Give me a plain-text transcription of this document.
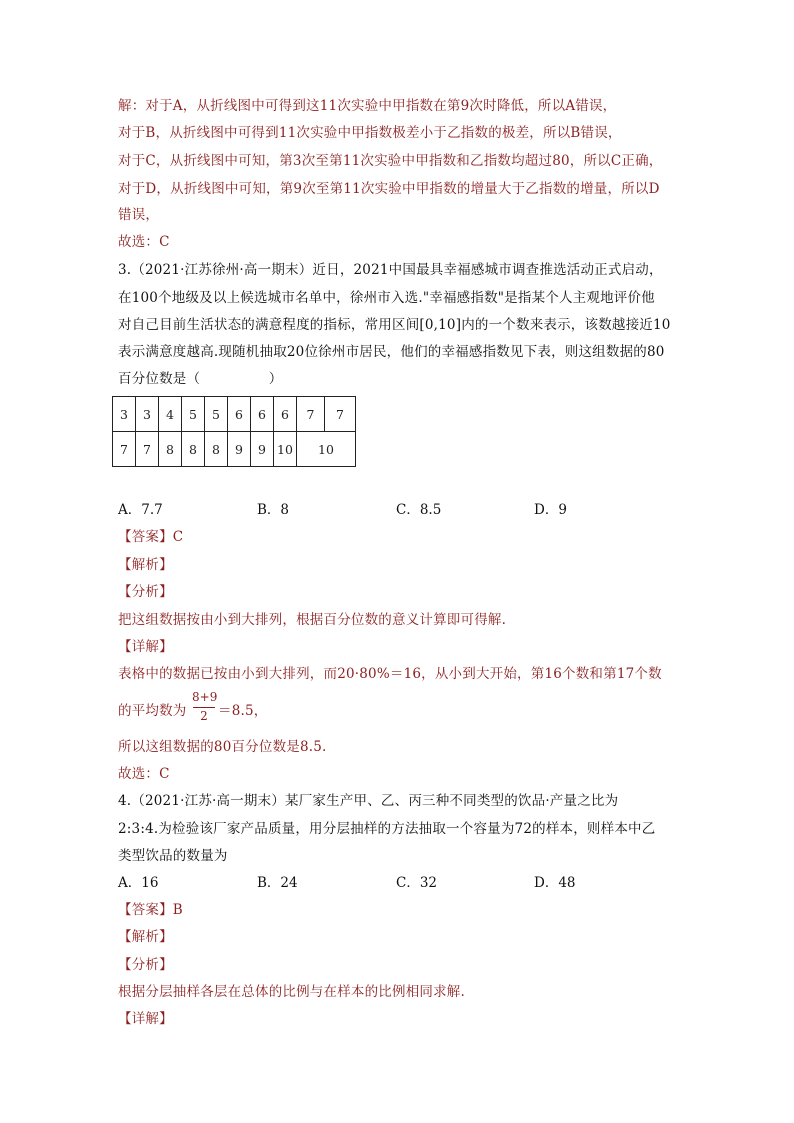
解：对于A，从折线图中可得到这11次实验中甲指数在第9次时降低，所以A错误，
对于B，从折线图中可得到11次实验中甲指数极差小于乙指数的极差，所以B错误，
对于C，从折线图中可知，第3次至第11次实验中甲指数和乙指数均超过80，所以C正确，
对于D，从折线图中可知，第9次至第11次实验中甲指数的增量大于乙指数的增量，所以D
错误，
故选：C
3.（2021·江苏徐州·高一期末）近日，2021中国最具幸福感城市调查推选活动正式启动，
在100个地级及以上候选城市名单中，徐州市入选."幸福感指数"是指某个人主观地评价他
对自己目前生活状态的满意程度的指标，常用区间[0,10]内的一个数来表示，该数越接近10
表示满意度越高.现随机抽取20位徐州市居民，他们的幸福感指数见下表，则这组数据的80
百分位数是（　　　　　）
3	3	4	5	5	6	6	6	7	7
7	7	8	8	8	9	9	10	10	
A．7.7	B．8	C．8.5	D．9
【答案】C
【解析】
【分析】
把这组数据按由小到大排列，根据百分位数的意义计算即可得解.
【详解】
表格中的数据已按由小到大排列，而20·80%＝16，从小到大开始，第16个数和第17个数
的平均数为
8+9
2 ＝8.5，
所以这组数据的80百分位数是8.5.
故选：C
4.（2021·江苏·高一期末）某厂家生产甲、乙、丙三种不同类型的饮品·产量之比为
2:3:4.为检验该厂家产品质量，用分层抽样的方法抽取一个容量为72的样本，则样本中乙
类型饮品的数量为
A．16	B．24	C．32	D．48
【答案】B
【解析】
【分析】
根据分层抽样各层在总体的比例与在样本的比例相同求解.
【详解】
